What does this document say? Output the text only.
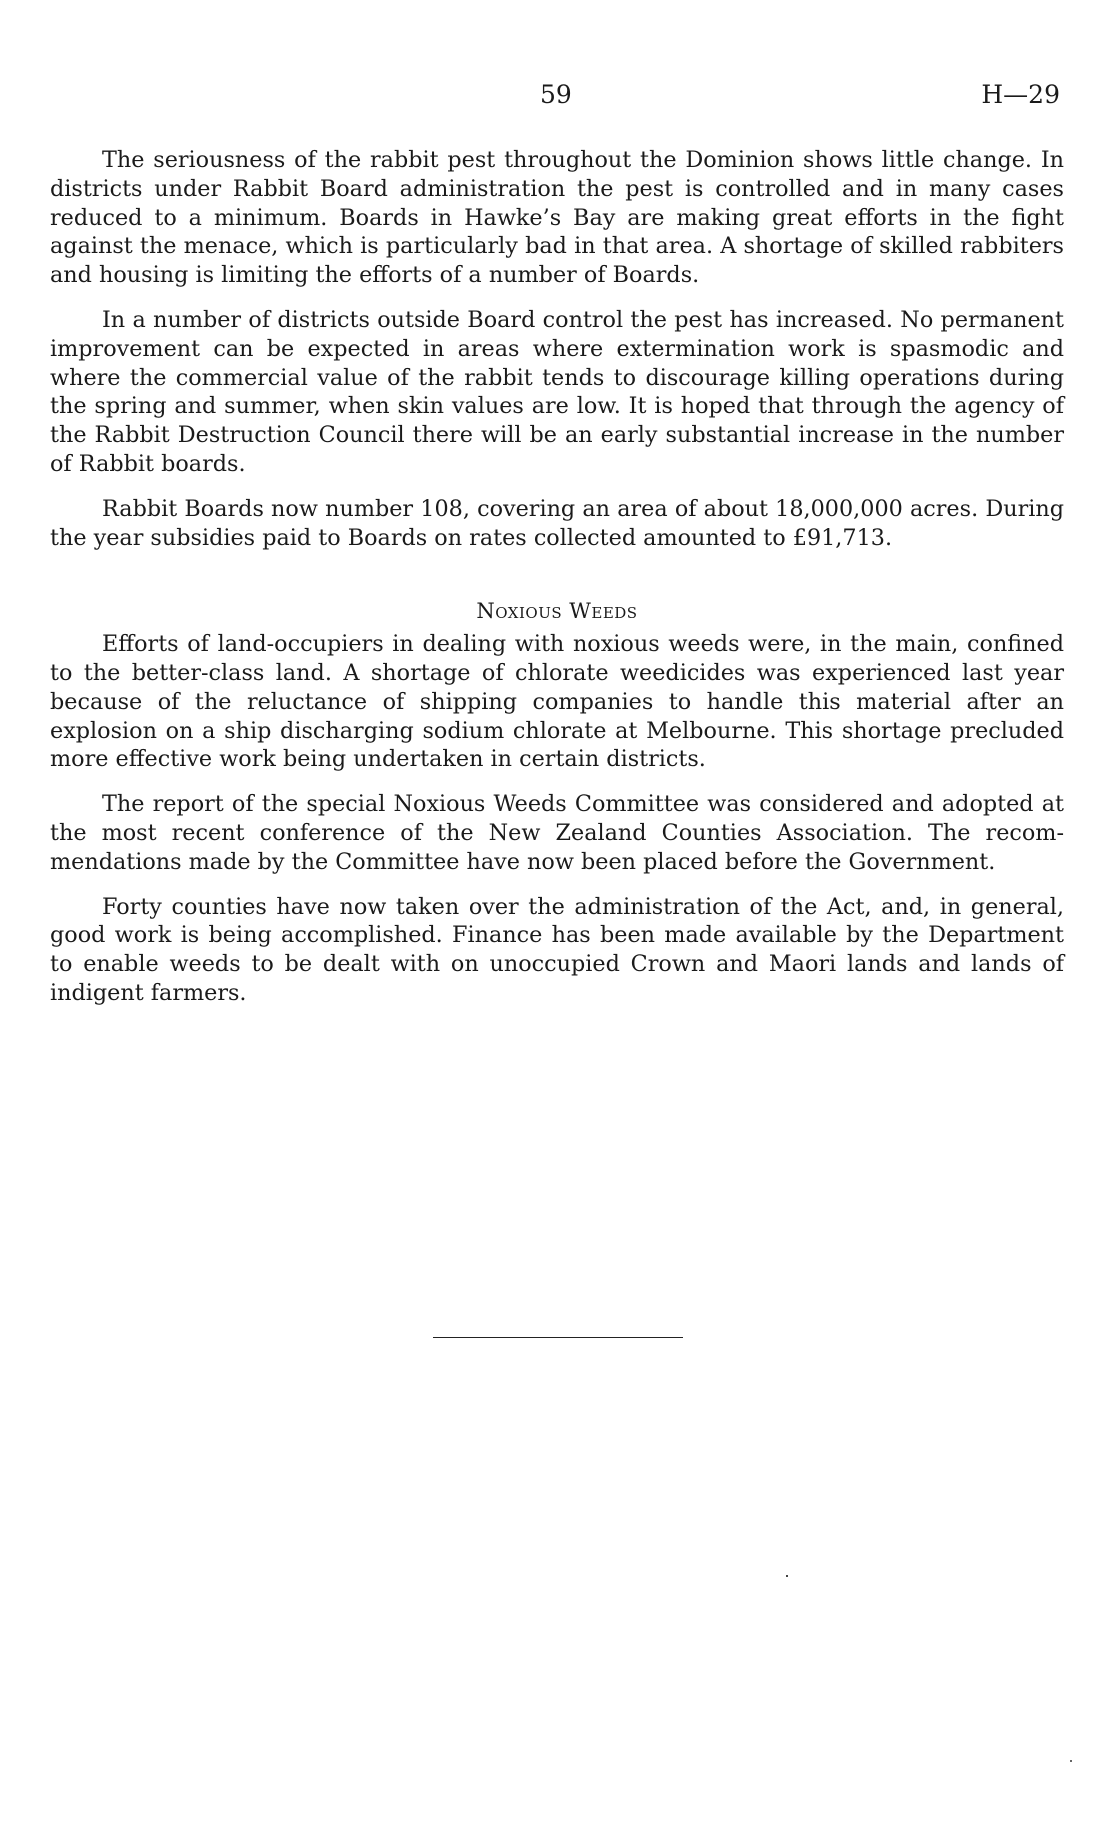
59	H—29

The seriousness of the rabbit pest throughout the Dominion shows little change. In districts under Rabbit Board administration the pest is controlled and in many cases reduced to a minimum. Boards in Hawke’s Bay are making great efforts in the fight against the menace, which is particularly bad in that area. A shortage of skilled rabbiters and housing is limiting the efforts of a number of Boards.

In a number of districts outside Board control the pest has increased. No permanent improvement can be expected in areas where extermination work is spasmodic and where the commercial value of the rabbit tends to discourage killing operations during the spring and summer, when skin values are low. It is hoped that through the agency of the Rabbit Destruction Council there will be an early substantial increase in the number of Rabbit boards.

Rabbit Boards now number 108, covering an area of about 18,000,000 acres. During the year subsidies paid to Boards on rates collected amounted to £91,713.

Noxious Weeds

Efforts of land-occupiers in dealing with noxious weeds were, in the main, confined to the better-class land. A shortage of chlorate weedicides was experienced last year because of the reluctance of shipping companies to handle this material after an explosion on a ship discharging sodium chlorate at Melbourne. This shortage precluded more effective work being undertaken in certain districts.

The report of the special Noxious Weeds Committee was considered and adopted at the most recent conference of the New Zealand Counties Association. The recommendations made by the Committee have now been placed before the Government.

Forty counties have now taken over the administration of the Act, and, in general, good work is being accomplished. Finance has been made available by the Department to enable weeds to be dealt with on unoccupied Crown and Maori lands and lands of indigent farmers.
